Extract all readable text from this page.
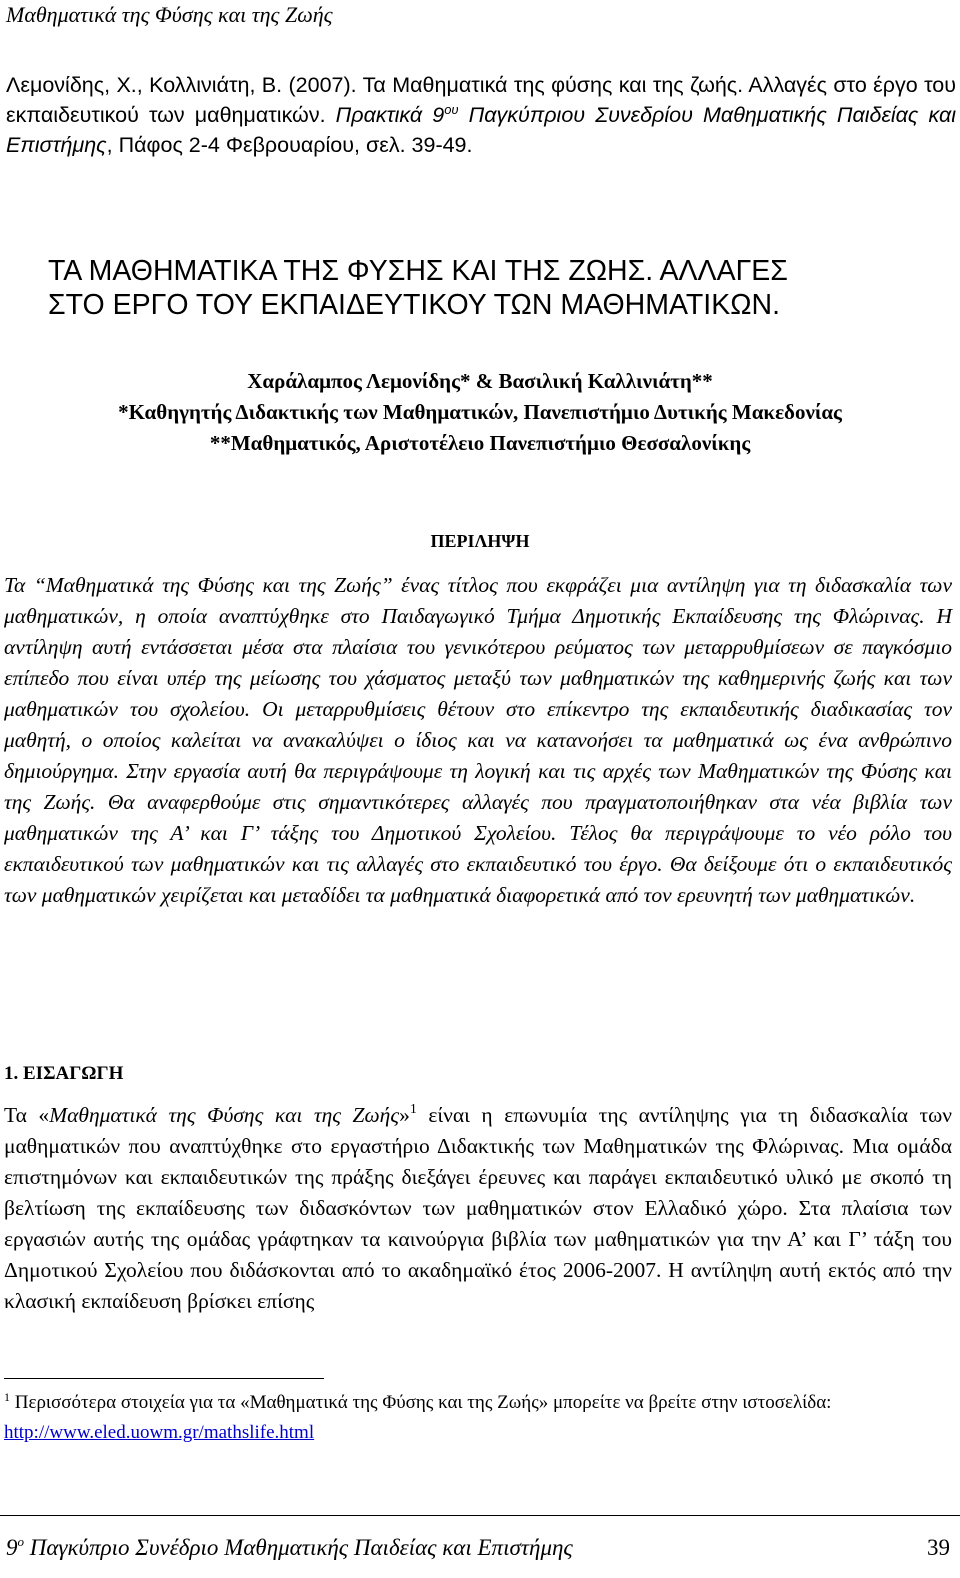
Μαθηματικά της Φύσης και της Ζωής
Λεμονίδης, Χ., Κολλινιάτη, Β. (2007). Τα Μαθηματικά της φύσης και της ζωής. Αλλαγές στο έργο του εκπαιδευτικού των μαθηματικών. Πρακτικά $9^{o\upsilon}$ Παγκύπριου Συνεδρίου Μαθηματικής Παιδείας και Επιστήμης, Πάφος 2-4 Φεβρουαρίου, σελ. 39-49.
ΤΑ ΜΑΘΗΜΑΤΙΚΑ ΤΗΣ ΦΥΣΗΣ ΚΑΙ ΤΗΣ ΖΩΗΣ. ΑΛΛΑΓΕΣ
ΣΤΟ ΕΡΓΟ ΤΟΥ ΕΚΠΑΙΔΕΥΤΙΚΟΥ ΤΩΝ ΜΑΘΗΜΑΤΙΚΩΝ.
Χαράλαμπος Λεμονίδης* & Βασιλική Καλλινιάτη**
*Καθηγητής Διδακτικής των Μαθηματικών, Πανεπιστήμιο Δυτικής Μακεδονίας
**Μαθηματικός, Αριστοτέλειο Πανεπιστήμιο Θεσσαλονίκης
ΠΕΡΙΛΗΨΗ
Τα “Μαθηματικά της Φύσης και της Ζωής” ένας τίτλος που εκφράζει μια αντίληψη για τη διδασκαλία των μαθηματικών, η οποία αναπτύχθηκε στο Παιδαγωγικό Τμήμα Δημοτικής Εκπαίδευσης της Φλώρινας. Η αντίληψη αυτή εντάσσεται μέσα στα πλαίσια του γενικότερου ρεύματος των μεταρρυθμίσεων σε παγκόσμιο επίπεδο που είναι υπέρ της μείωσης του χάσματος μεταξύ των μαθηματικών της καθημερινής ζωής και των μαθηματικών του σχολείου. Οι μεταρρυθμίσεις θέτουν στο επίκεντρο της εκπαιδευτικής διαδικασίας τον μαθητή, ο οποίος καλείται να ανακαλύψει ο ίδιος και να κατανοήσει τα μαθηματικά ως ένα ανθρώπινο δημιούργημα. Στην εργασία αυτή θα περιγράψουμε τη λογική και τις αρχές των Μαθηματικών της Φύσης και της Ζωής. Θα αναφερθούμε στις σημαντικότερες αλλαγές που πραγματοποιήθηκαν στα νέα βιβλία των μαθηματικών της Α’ και Γ’ τάξης του Δημοτικού Σχολείου. Τέλος θα περιγράψουμε το νέο ρόλο του εκπαιδευτικού των μαθηματικών και τις αλλαγές στο εκπαιδευτικό του έργο. Θα δείξουμε ότι ο εκπαιδευτικός των μαθηματικών χειρίζεται και μεταδίδει τα μαθηματικά διαφορετικά από τον ερευνητή των μαθηματικών.
1. ΕΙΣΑΓΩΓΗ
Τα «Μαθηματικά της Φύσης και της Ζωής»$^1$ είναι η επωνυμία της αντίληψης για τη διδασκαλία των μαθηματικών που αναπτύχθηκε στο εργαστήριο Διδακτικής των Μαθηματικών της Φλώρινας. Μια ομάδα επιστημόνων και εκπαιδευτικών της πράξης διεξάγει έρευνες και παράγει εκπαιδευτικό υλικό με σκοπό τη βελτίωση της εκπαίδευσης των διδασκόντων των μαθηματικών στον Ελλαδικό χώρο. Στα πλαίσια των εργασιών αυτής της ομάδας γράφτηκαν τα καινούργια βιβλία των μαθηματικών για την Α’ και Γ’ τάξη του Δημοτικού Σχολείου που διδάσκονται από το ακαδημαϊκό έτος 2006-2007. Η αντίληψη αυτή εκτός από την κλασική εκπαίδευση βρίσκει επίσης
$^1$ Περισσότερα στοιχεία για τα «Μαθηματικά της Φύσης και της Ζωής» μπορείτε να βρείτε στην ιστοσελίδα: http://www.eled.uowm.gr/mathslife.html
$9^o$ Παγκύπριο Συνέδριο Μαθηματικής Παιδείας και Επιστήμης	39
